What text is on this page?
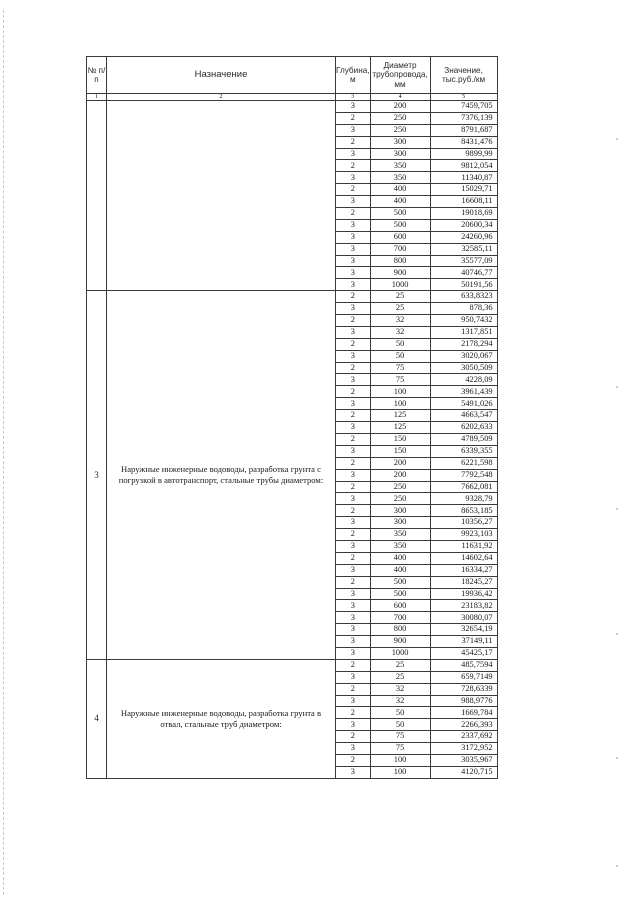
№ п/п	Назначение	Глубина, м	Диаметр трубопровода, мм	Значение, тыс.руб./км
1	2	3	4	5
		3	200	7459,705
		2	250	7376,139
		3	250	8791,687
		2	300	8431,476
		3	300	9899,99
		2	350	9812,054
		3	350	11340,87
		2	400	15029,71
		3	400	16608,11
		2	500	19018,69
		3	500	20600,34
		3	600	24260,96
		3	700	32585,11
		3	800	35577,09
		3	900	40746,77
		3	1000	50191,56
3	Наружные инженерные водоводы, разработка грунта с погрузкой в автотранспорт, стальные трубы диаметром:	2	25	633,8323
		3	25	878,36
		2	32	950,7432
		3	32	1317,851
		2	50	2178,294
		3	50	3020,067
		2	75	3050,509
		3	75	4228,09
		2	100	3961,439
		3	100	5491,026
		2	125	4663,547
		3	125	6202,633
		2	150	4789,509
		3	150	6339,355
		2	200	6221,598
		3	200	7792,548
		2	250	7662,081
		3	250	9328,79
		2	300	8653,185
		3	300	10356,27
		2	350	9923,103
		3	350	11631,92
		2	400	14602,64
		3	400	16334,27
		2	500	18245,27
		3	500	19936,42
		3	600	23183,82
		3	700	30080,07
		3	800	32654,19
		3	900	37149,11
		3	1000	45425,17
4	Наружные инженерные водоводы, разработка грунта в отвал, стальные труб диаметром:	2	25	485,7594
		3	25	659,7149
		2	32	728,6339
		3	32	988,9776
		2	50	1669,784
		3	50	2266,393
		2	75	2337,692
		3	75	3172,952
		2	100	3035,967
		3	100	4120,715
